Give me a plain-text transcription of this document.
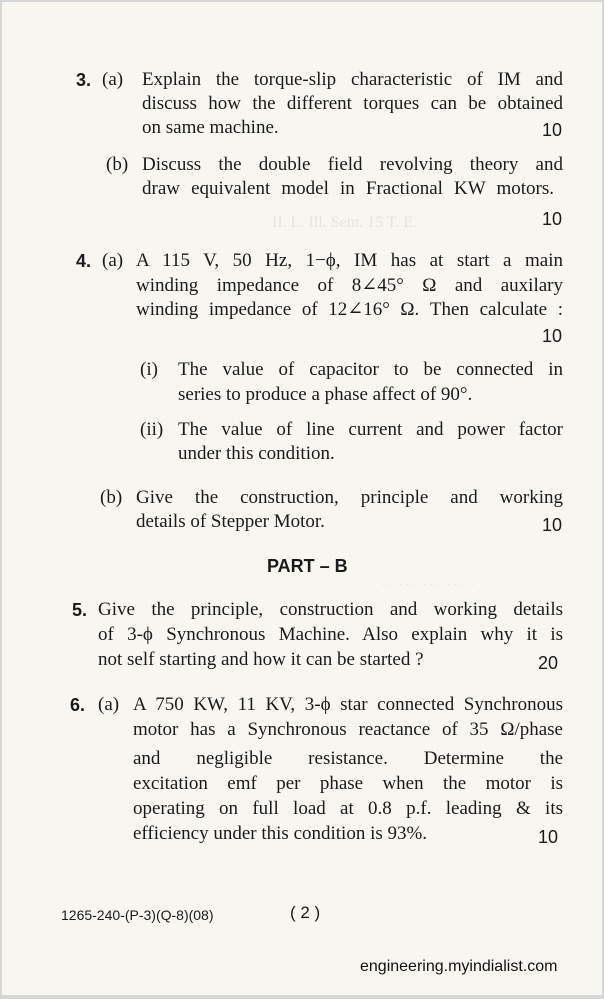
II. L. Ill. Sem. 15 T. E.
. . . . . . . . . . . . . . . .
3. (a) Explain the torque-slip characteristic of IM and
discuss how the different torques can be obtained
on same machine.	10
(b) Discuss the double field revolving theory and
draw equivalent model in Fractional KW motors.
10
4. (a) A 115 V, 50 Hz, 1−ϕ, IM has at start a main
winding impedance of 8∠45° Ω and auxilary
winding impedance of 12∠16° Ω. Then calculate :
10
(i) The value of capacitor to be connected in
series to produce a phase affect of 90°.
(ii) The value of line current and power factor
under this condition.
(b) Give the construction, principle and working
details of Stepper Motor.	10
PART – B
5. Give the principle, construction and working details
of 3-ϕ Synchronous Machine. Also explain why it is
not self starting and how it can be started ?	20
6. (a) A 750 KW, 11 KV, 3-ϕ star connected Synchronous
motor has a Synchronous reactance of 35 Ω/phase
and negligible resistance. Determine the
excitation emf per phase when the motor is
operating on full load at 0.8 p.f. leading & its
efficiency under this condition is 93%.	10
1265-240-(P-3)(Q-8)(08)	( 2 )
engineering.myindialist.com
